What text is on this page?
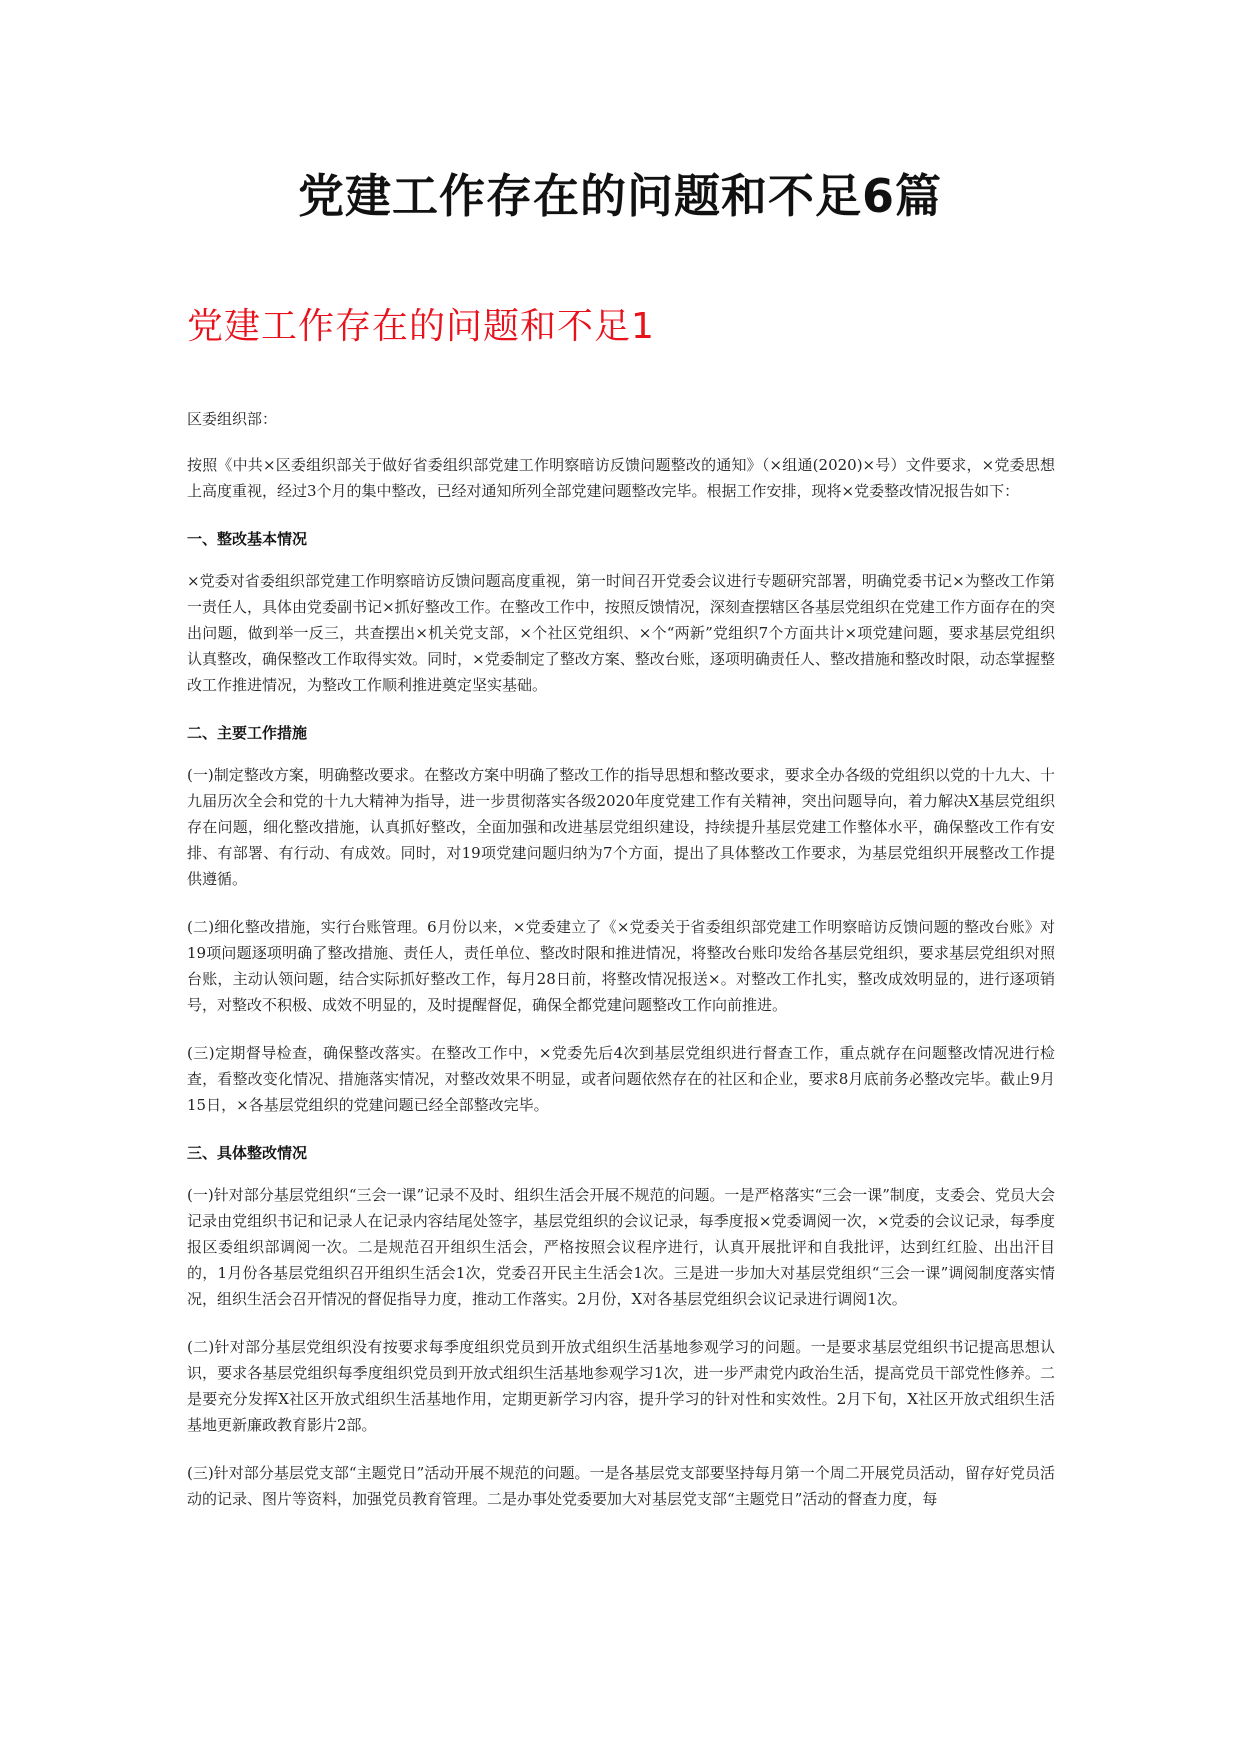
党建工作存在的问题和不足6篇
党建工作存在的问题和不足1

区委组织部：

按照《中共×区委组织部关于做好省委组织部党建工作明察暗访反馈问题整改的通知》（×组通(2020)×号）文件要求，×党委思想上高度重视，经过3个月的集中整改，已经对通知所列全部党建问题整改完毕。根据工作安排，现将×党委整改情况报告如下：

一、整改基本情况

×党委对省委组织部党建工作明察暗访反馈问题高度重视，第一时间召开党委会议进行专题研究部署，明确党委书记×为整改工作第一责任人，具体由党委副书记×抓好整改工作。在整改工作中，按照反馈情况，深刻查摆辖区各基层党组织在党建工作方面存在的突出问题，做到举一反三，共查摆出×机关党支部，×个社区党组织、×个“两新”党组织7个方面共计×项党建问题，要求基层党组织认真整改，确保整改工作取得实效。同时，×党委制定了整改方案、整改台账，逐项明确责任人、整改措施和整改时限，动态掌握整改工作推进情况，为整改工作顺利推进奠定坚实基础。

二、主要工作措施

(一)制定整改方案，明确整改要求。在整改方案中明确了整改工作的指导思想和整改要求，要求全办各级的党组织以党的十九大、十九届历次全会和党的十九大精神为指导，进一步贯彻落实各级2020年度党建工作有关精神，突出问题导向，着力解决X基层党组织存在问题，细化整改措施，认真抓好整改，全面加强和改进基层党组织建设，持续提升基层党建工作整体水平，确保整改工作有安排、有部署、有行动、有成效。同时，对19项党建问题归纳为7个方面，提出了具体整改工作要求，为基层党组织开展整改工作提供遵循。

(二)细化整改措施，实行台账管理。6月份以来，×党委建立了《×党委关于省委组织部党建工作明察暗访反馈问题的整改台账》对19项问题逐项明确了整改措施、责任人，责任单位、整改时限和推进情况，将整改台账印发给各基层党组织，要求基层党组织对照台账，主动认领问题，结合实际抓好整改工作，每月28日前，将整改情况报送×。对整改工作扎实，整改成效明显的，进行逐项销号，对整改不积极、成效不明显的，及时提醒督促，确保全都党建问题整改工作向前推进。

(三)定期督导检查，确保整改落实。在整改工作中，×党委先后4次到基层党组织进行督查工作，重点就存在问题整改情况进行检查，看整改变化情况、措施落实情况，对整改效果不明显，或者问题依然存在的社区和企业，要求8月底前务必整改完毕。截止9月15日，×各基层党组织的党建问题已经全部整改完毕。

三、具体整改情况

(一)针对部分基层党组织“三会一课”记录不及时、组织生活会开展不规范的问题。一是严格落实“三会一课”制度，支委会、党员大会记录由党组织书记和记录人在记录内容结尾处签字，基层党组织的会议记录，每季度报×党委调阅一次，×党委的会议记录，每季度报区委组织部调阅一次。二是规范召开组织生活会，严格按照会议程序进行，认真开展批评和自我批评，达到红红脸、出出汗目的，1月份各基层党组织召开组织生活会1次，党委召开民主生活会1次。三是进一步加大对基层党组织“三会一课”调阅制度落实情况，组织生活会召开情况的督促指导力度，推动工作落实。2月份，X对各基层党组织会议记录进行调阅1次。

(二)针对部分基层党组织没有按要求每季度组织党员到开放式组织生活基地参观学习的问题。一是要求基层党组织书记提高思想认识，要求各基层党组织每季度组织党员到开放式组织生活基地参观学习1次，进一步严肃党内政治生活，提高党员干部党性修养。二是要充分发挥X社区开放式组织生活基地作用，定期更新学习内容，提升学习的针对性和实效性。2月下旬，X社区开放式组织生活基地更新廉政教育影片2部。

(三)针对部分基层党支部“主题党日”活动开展不规范的问题。一是各基层党支部要坚持每月第一个周二开展党员活动，留存好党员活动的记录、图片等资料，加强党员教育管理。二是办事处党委要加大对基层党支部“主题党日”活动的督查力度，每
